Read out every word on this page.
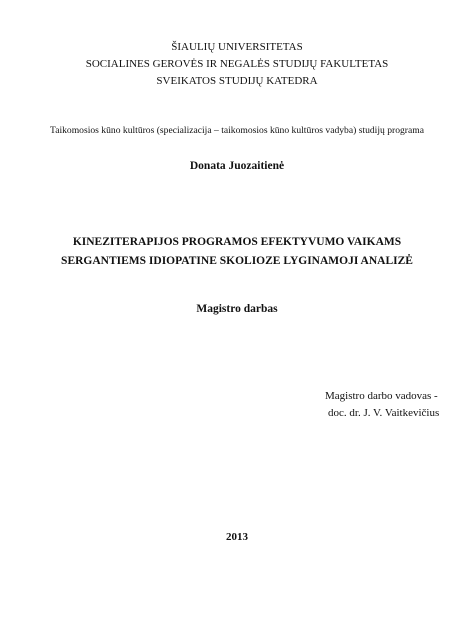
ŠIAULIŲ UNIVERSITETAS
SOCIALINES GEROVĖS IR NEGALĖS STUDIJŲ FAKULTETAS
SVEIKATOS STUDIJŲ KATEDRA
Taikomosios kūno kultūros (specializacija – taikomosios kūno kultūros vadyba) studijų programa
Donata Juozaitienė
KINEZITERAPIJOS PROGRAMOS EFEKTYVUMO VAIKAMS
SERGANTIEMS IDIOPATINE SKOLIOZE LYGINAMOJI ANALIZĖ
Magistro darbas
Magistro darbo vadovas -
doc. dr. J. V. Vaitkevičius
2013
